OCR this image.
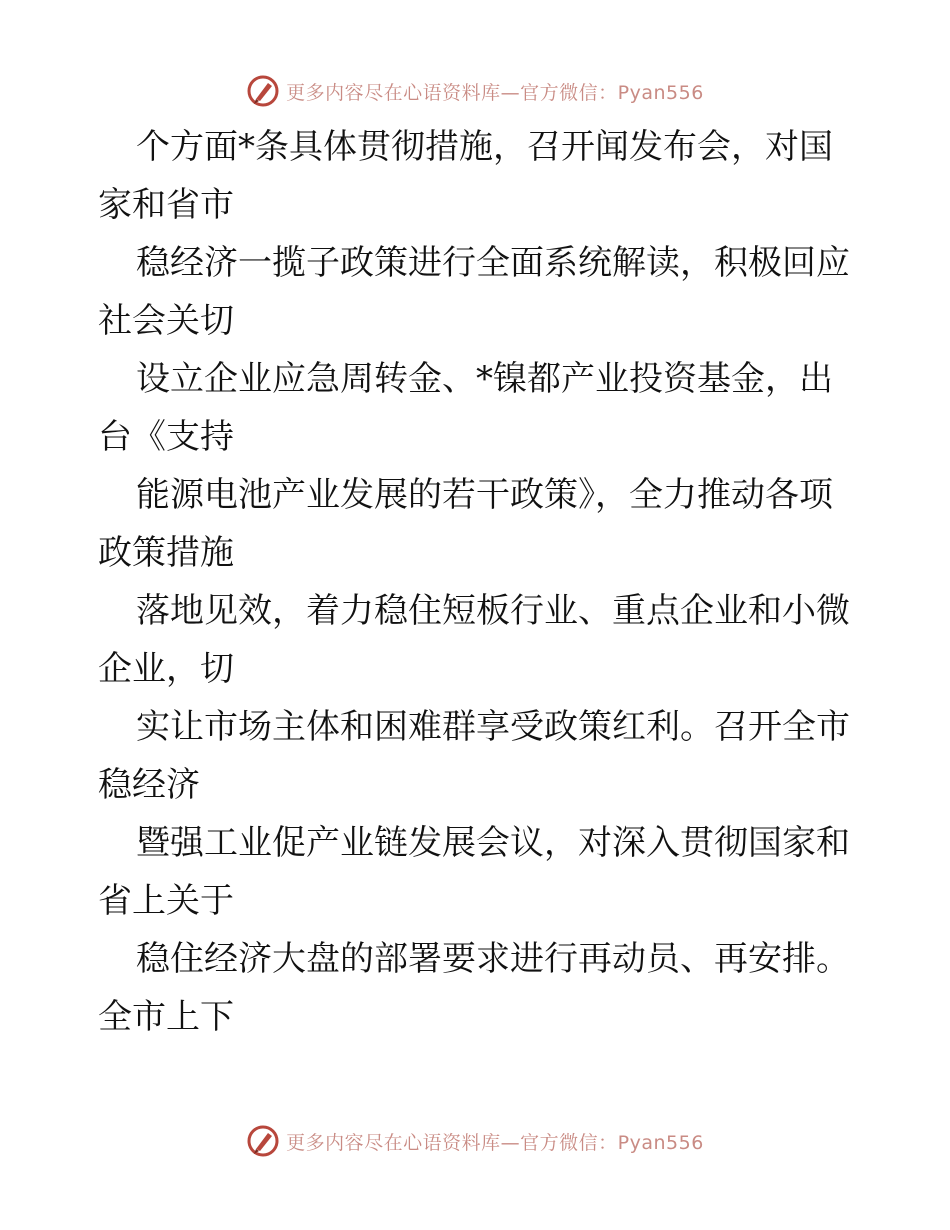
更多内容尽在心语资料库—官方微信：Pyan556

个方面*条具体贯彻措施，召开闻发布会，对国
家和省市

稳经济一揽子政策进行全面系统解读，积极回应
社会关切

设立企业应急周转金、*镍都产业投资基金，出
台《支持

能源电池产业发展的若干政策》，全力推动各项
政策措施

落地见效，着力稳住短板行业、重点企业和小微
企业，切

实让市场主体和困难群享受政策红利。召开全市
稳经济

暨强工业促产业链发展会议，对深入贯彻国家和
省上关于

稳住经济大盘的部署要求进行再动员、再安排。
全市上下

更多内容尽在心语资料库—官方微信：Pyan556
